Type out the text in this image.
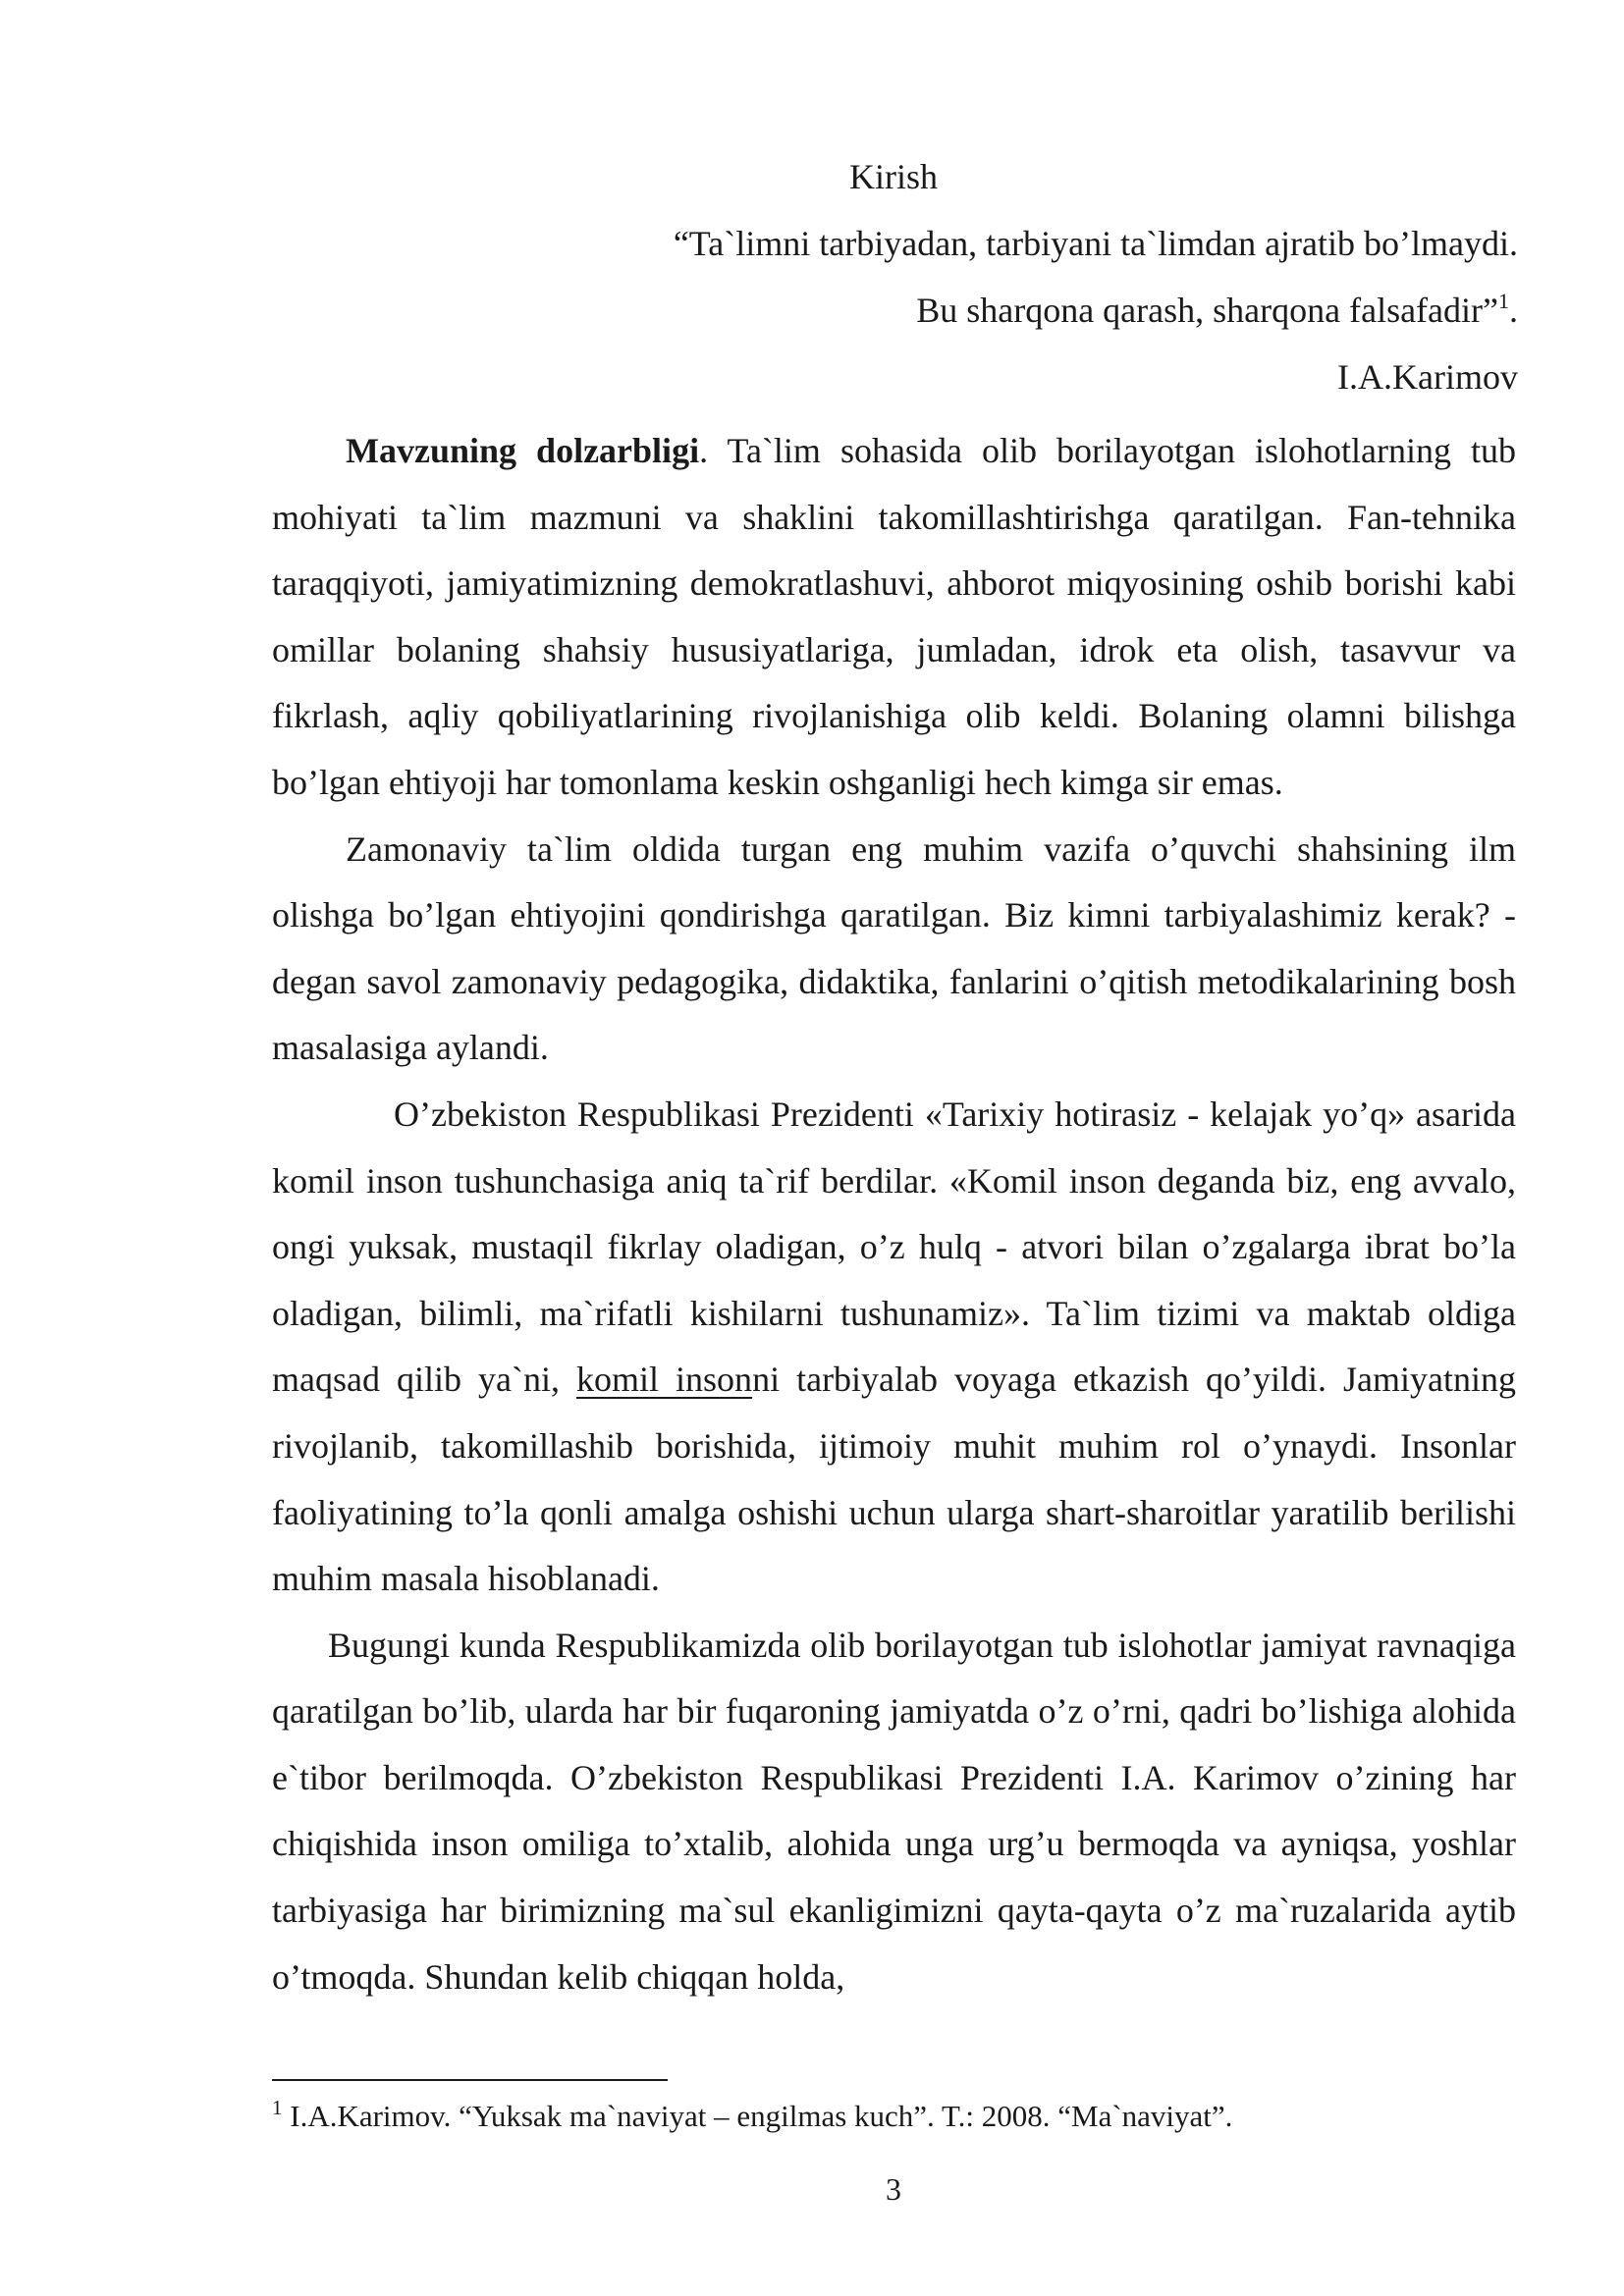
Kirish
“Ta`limni tarbiyadan, tarbiyani ta`limdan ajratib bo’lmaydi.
Bu sharqona qarash, sharqona falsafadir”$^1$.
I.A.Karimov

Mavzuning dolzarbligi. Ta`lim sohasida olib borilayotgan islohotlarning tub mohiyati ta`lim mazmuni va shaklini takomillashtirishga qaratilgan. Fan-tehnika taraqqiyoti, jamiyatimizning demokratlashuvi, ahborot miqyosining oshib borishi kabi omillar bolaning shahsiy hususiyatlariga, jumladan, idrok eta olish, tasavvur va fikrlash, aqliy qobiliyatlarining rivojlanishiga olib keldi. Bolaning olamni bilishga bo’lgan ehtiyoji har tomonlama keskin oshganligi hech kimga sir emas.

Zamonaviy ta`lim oldida turgan eng muhim vazifa o’quvchi shahsining ilm olishga bo’lgan ehtiyojini qondirishga qaratilgan. Biz kimni tarbiyalashimiz kerak? - degan savol zamonaviy pedagogika, didaktika, fanlarini o’qitish metodikalarining bosh masalasiga aylandi.

O’zbekiston Respublikasi Prezidenti «Tarixiy hotirasiz - kelajak yo’q» asarida komil inson tushunchasiga aniq ta`rif berdilar. «Komil inson deganda biz, eng avvalo, ongi yuksak, mustaqil fikrlay oladigan, o’z hulq - atvori bilan o’zgalarga ibrat bo’la oladigan, bilimli, ma`rifatli kishilarni tushunamiz». Ta`lim tizimi va maktab oldiga maqsad qilib ya`ni, komil insonni tarbiyalab voyaga etkazish qo’yildi. Jamiyatning rivojlanib, takomillashib borishida, ijtimoiy muhit muhim rol o’ynaydi. Insonlar faoliyatining to’la qonli amalga oshishi uchun ularga shart-sharoitlar yaratilib berilishi muhim masala hisoblanadi.

Bugungi kunda Respublikamizda olib borilayotgan tub islohotlar jamiyat ravnaqiga qaratilgan bo’lib, ularda har bir fuqaroning jamiyatda o’z o’rni, qadri bo’lishiga alohida e`tibor berilmoqda. O’zbekiston Respublikasi Prezidenti I.A. Karimov o’zining har chiqishida inson omiliga to’xtalib, alohida unga urg’u bermoqda va ayniqsa, yoshlar tarbiyasiga har birimizning ma`sul ekanligimizni qayta-qayta o’z ma`ruzalarida aytib o’tmoqda. Shundan kelib chiqqan holda,

$^1$ I.A.Karimov. “Yuksak ma`naviyat – engilmas kuch”. T.: 2008. “Ma`naviyat”.
3
